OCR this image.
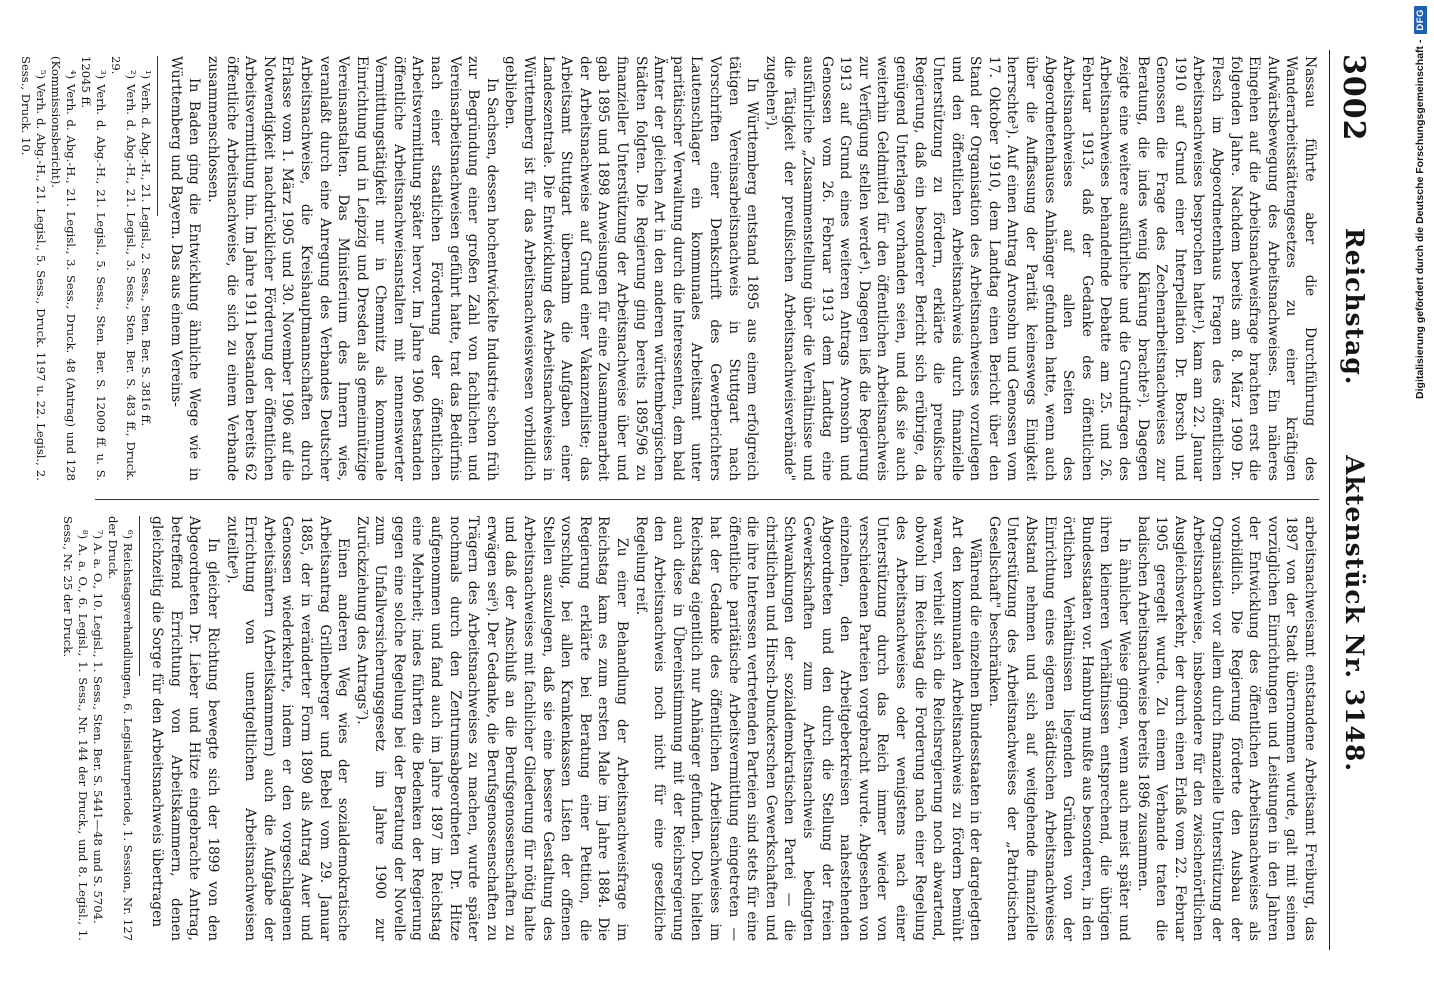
3002
Reichstag. Aktenstück Nr. 3148.

Nassau führte aber die Durchführung des Wanderarbeitsstättengesetzes zu einer kräftigen Aufwärtsbewegung des Arbeitsnachweises. Ein näheres Eingehen auf die Arbeitsnachweisfrage brachten erst die folgenden Jahre. Nachdem bereits am 8. März 1909 Dr. Flesch im Abgeordnetenhaus Fragen des öffentlichen Arbeitsnachweises besprochen hatte¹), kam am 22. Januar 1910 auf Grund einer Interpellation Dr. Borsch und Genossen die Frage des Zechenarbeitsnachweises zur Beratung, die indes wenig Klärung brachte²). Dagegen zeigte eine weitere ausführliche und die Grundfragen des Arbeitsnachweises behandelnde Debatte am 25. und 26. Februar 1913, daß der Gedanke des öffentlichen Arbeitsnachweises auf allen Seiten des Abgeordnetenhauses Anhänger gefunden hatte, wenn auch über die Auffassung der Parität keineswegs Einigkeit herrschte³). Auf einen Antrag Aronsohn und Genossen vom 17. Oktober 1910, dem Landtag einen Bericht über den Stand der Organisation des Arbeitsnachweises vorzulegen und den öffentlichen Arbeitsnachweis durch finanzielle Unterstützung zu fördern, erklärte die preußische Regierung, daß ein besonderer Bericht sich erübrige, da genügend Unterlagen vorhanden seien, und daß sie auch weiterhin Geldmittel für den öffentlichen Arbeitsnachweis zur Verfügung stellen werde⁴). Dagegen ließ die Regierung 1913 auf Grund eines weiteren Antrags Aronsohn und Genossen vom 26. Februar 1913 dem Landtag eine ausführliche „Zusammenstellung über die Verhältnisse und die Tätigkeit der preußischen Arbeitsnachweisverbände" zugehen⁵).

In Württemberg entstand 1895 aus einem erfolgreich tätigen Vereinsarbeitsnachweis in Stuttgart nach Vorschriften einer Denkschrift des Gewerberichters Lautenschlager ein kommunales Arbeitsamt unter paritätischer Verwaltung durch die Interessenten, dem bald Ämter der gleichen Art in den anderen württembergischen Städten folgten. Die Regierung ging bereits 1895/96 zu finanzieller Unterstützung der Arbeitsnachweise über und gab 1895 und 1898 Anweisungen für eine Zusammenarbeit der Arbeitsnachweise auf Grund einer Vakanzenliste; das Arbeitsamt Stuttgart übernahm die Aufgaben einer Landeszentrale. Die Entwicklung des Arbeitsnachweises in Württemberg ist für das Arbeitsnachweiswesen vorbildlich geblieben.

In Sachsen, dessen hochentwickelte Industrie schon früh zur Begründung einer großen Zahl von fachlichen und Vereinsarbeitsnachweisen geführt hatte, trat das Bedürfnis nach einer staatlichen Förderung der öffentlichen Arbeitsvermittlung später hervor. Im Jahre 1906 bestanden öffentliche Arbeitsnachweisanstalten mit nennenswerter Vermittlungstätigkeit nur in Chemnitz als kommunale Einrichtung und in Leipzig und Dresden als gemeinnützige Vereinsanstalten. Das Ministerium des Innern wies, veranlaßt durch eine Anregung des Verbandes Deutscher Arbeitsnachweise, die Kreishauptmannschaften durch Erlasse vom 1. März 1905 und 30. November 1906 auf die Notwendigkeit nachdrücklicher Förderung der öffentlichen Arbeitsvermittlung hin. Im Jahre 1911 bestanden bereits 62 öffentliche Arbeitsnachweise, die sich zu einem Verbande zusammenschlossen.

In Baden ging die Entwicklung ähnliche Wege wie in Württemberg und Bayern. Das aus einem Vereins-

¹) Verh. d. Abg.-H., 21. Legisl., 2. Sess., Sten. Ber. S. 3816 ff.
²) Verh. d. Abg.-H., 21. Legisl., 3. Sess., Sten. Ber. S. 483 ff., Druck. 29.
³) Verh. d. Abg.-H., 21. Legisl., 5. Sess., Sten. Ber. S. 12009 ff. u. S. 12045 ff.
⁴) Verh. d. Abg.-H., 21. Legisl., 3. Sess., Druck. 48 (Antrag) und 128 (Kommissionsbericht).
⁵) Verh. d. Abg.-H., 21. Legisl., 5. Sess., Druck. 1197 u. 22. Legisl., 2. Sess., Druck. 10.

arbeitsnachweisamt entstandene Arbeitsamt Freiburg, das 1897 von der Stadt übernommen wurde, galt mit seinen vorzüglichen Einrichtungen und Leistungen in den Jahren der Entwicklung des öffentlichen Arbeitsnachweises als vorbildlich. Die Regierung förderte den Ausbau der Organisation vor allem durch finanzielle Unterstützung der Arbeitsnachweise, insbesondere für den zwischenörtlichen Ausgleichsverkehr, der durch einen Erlaß vom 22. Februar 1905 geregelt wurde. Zu einem Verbande traten die badischen Arbeitsnachweise bereits 1896 zusammen.

In ähnlicher Weise gingen, wenn auch meist später und ihren kleineren Verhältnissen entsprechend, die übrigen Bundesstaaten vor. Hamburg mußte aus besonderen, in den örtlichen Verhältnissen liegenden Gründen von der Einrichtung eines eigenen städtischen Arbeitsnachweises Abstand nehmen und sich auf weitgehende finanzielle Unterstützung des Arbeitsnachweises der „Patriotischen Gesellschaft" beschränken.

Während die einzelnen Bundesstaaten in der dargelegten Art den kommunalen Arbeitsnachweis zu fördern bemüht waren, verhielt sich die Reichsregierung noch abwartend, obwohl im Reichstag die Forderung nach einer Regelung des Arbeitsnachweises oder wenigstens nach einer Unterstützung durch das Reich immer wieder von verschiedenen Parteien vorgebracht wurde. Abgesehen von einzelnen, den Arbeitgeberkreisen nahestehenden Abgeordneten und den durch die Stellung der freien Gewerkschaften zum Arbeitsnachweis bedingten Schwankungen der sozialdemokratischen Partei — die christlichen und Hirsch-Dunckerschen Gewerkschaften und die ihre Interessen vertretenden Parteien sind stets für eine öffentliche paritätische Arbeitsvermittlung eingetreten — hat der Gedanke des öffentlichen Arbeitsnachweises im Reichstag eigentlich nur Anhänger gefunden. Doch hielten auch diese in Übereinstimmung mit der Reichsregierung den Arbeitsnachweis noch nicht für eine gesetzliche Regelung reif.

Zu einer Behandlung der Arbeitsnachweisfrage im Reichstag kam es zum ersten Male im Jahre 1884. Die Regierung erklärte bei Beratung einer Petition, die vorschlug, bei allen Krankenkassen Listen der offenen Stellen auszulegen, daß sie eine bessere Gestaltung des Arbeitsnachweises mit fachlicher Gliederung für nötig halte und daß der Anschluß an die Berufsgenossenschaften zu erwägen sei⁶). Der Gedanke, die Berufsgenossenschaften zu Trägern des Arbeitsnachweises zu machen, wurde später nochmals durch den Zentrumsabgeordneten Dr. Hitze aufgenommen und fand auch im Jahre 1897 im Reichstag eine Mehrheit; indes führten die Bedenken der Regierung gegen eine solche Regelung bei der Beratung der Novelle zum Unfallversicherungsgesetz im Jahre 1900 zur Zurückziehung des Antrags⁷).

Einen anderen Weg wies der sozialdemokratische Arbeitsantrag Grillenberger und Bebel vom 29. Januar 1885, der in veränderter Form 1890 als Antrag Auer und Genossen wiederkehrte, indem er den vorgeschlagenen Arbeitsämtern (Arbeitskammern) auch die Aufgabe der Errichtung von unentgeltlichen Arbeitsnachweisen zuteilte⁸).

In gleicher Richtung bewegte sich der 1899 von den Abgeordneten Dr. Lieber und Hitze eingebrachte Antrag, betreffend Errichtung von Arbeitskammern, denen gleichzeitig die Sorge für den Arbeitsnachweis übertragen

⁶) Reichstagsverhandlungen, 6. Legislaturperiode, 1. Session, Nr. 127 der Druck.
⁷) A. a. O., 10. Legisl., 1. Sess., Sten. Ber. S. 5441—48 und S. 5704.
⁸) A. a. O., 6. Legisl., 1. Sess., Nr. 144 der Druck., und 8. Legisl., 1. Sess., Nr. 25 der Druck.
Digitalisierung gefördert durch die Deutsche Forschungsgemeinschaft -
DFG
